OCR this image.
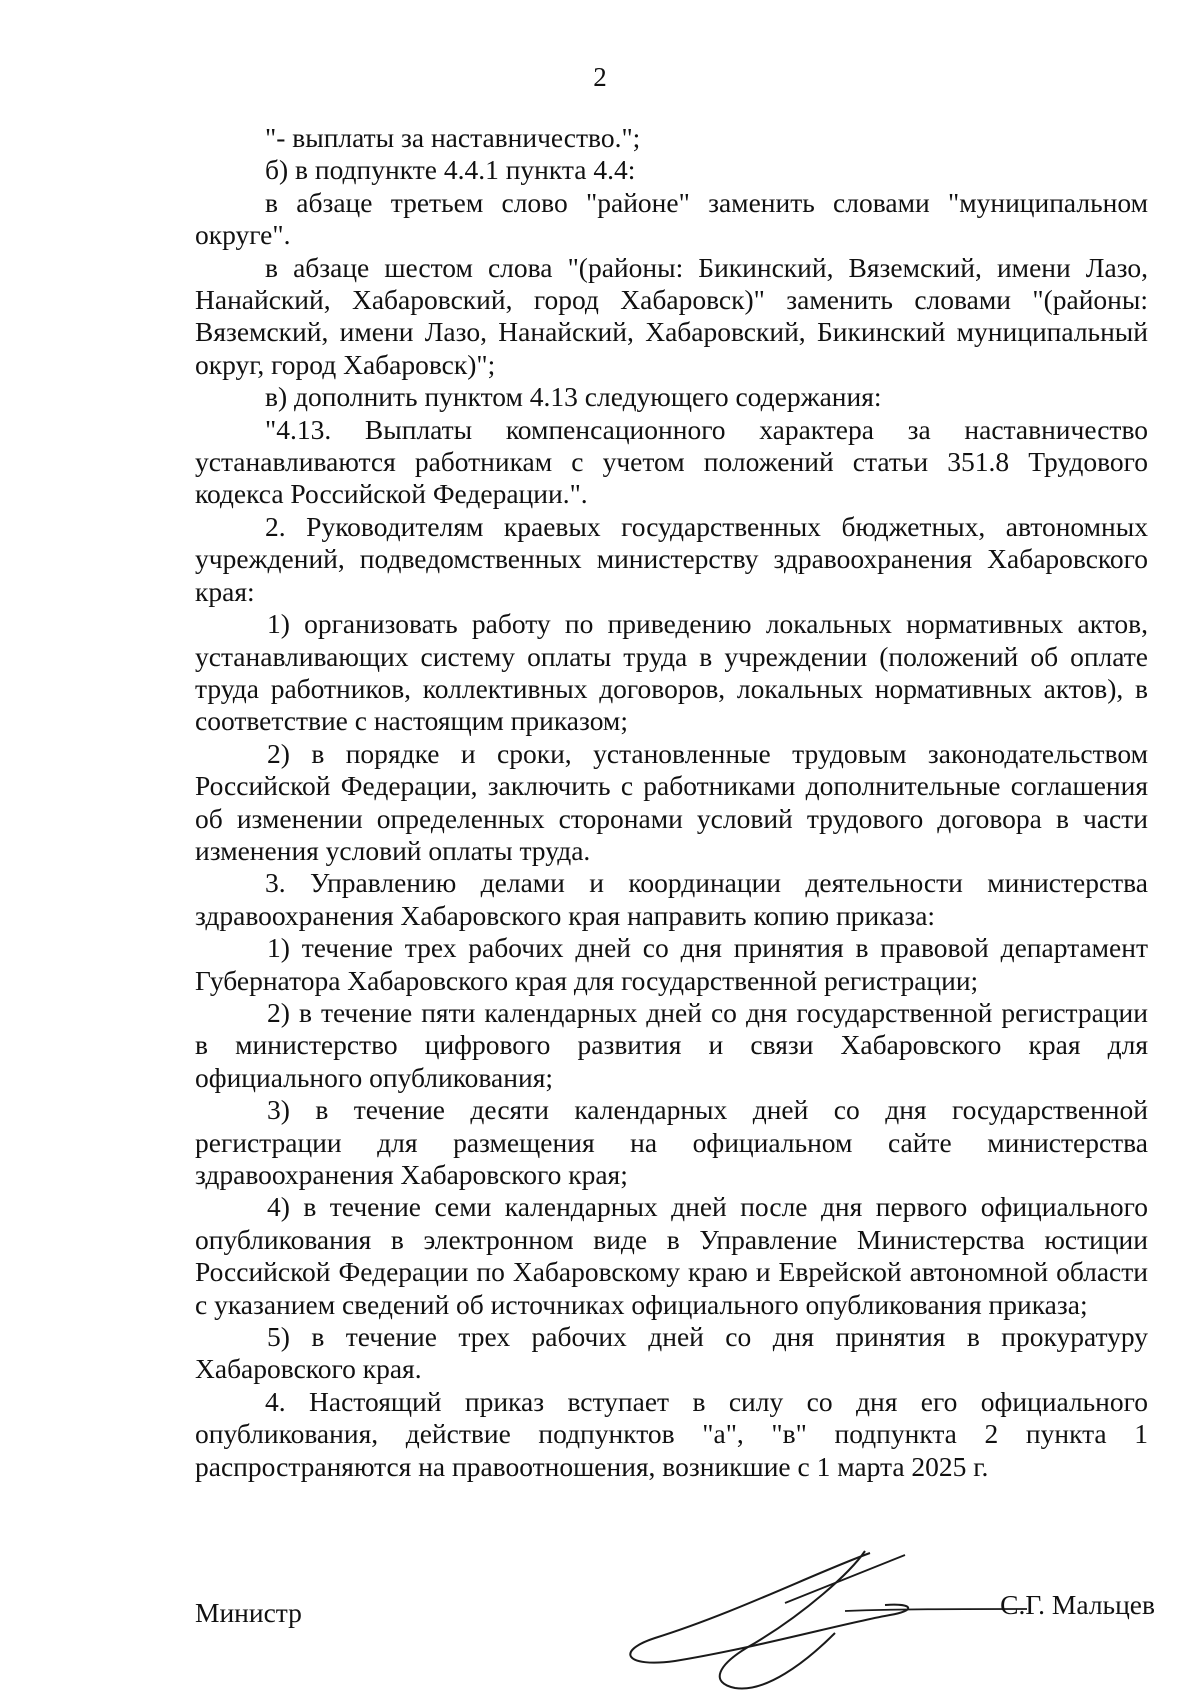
2

"- выплаты за наставничество.";

б) в подпункте 4.4.1 пункта 4.4:

в абзаце третьем слово "районе" заменить словами "муниципальном округе".

в абзаце шестом слова "(районы: Бикинский, Вяземский, имени Лазо, Нанайский, Хабаровский, город Хабаровск)" заменить словами "(районы: Вяземский, имени Лазо, Нанайский, Хабаровский, Бикинский муниципальный округ, город Хабаровск)";

в) дополнить пунктом 4.13 следующего содержания:

"4.13. Выплаты компенсационного характера за наставничество устанавливаются работникам с учетом положений статьи 351.8 Трудового кодекса Российской Федерации.".

2. Руководителям краевых государственных бюджетных, автономных учреждений, подведомственных министерству здравоохранения Хабаровского края:

1) организовать работу по приведению локальных нормативных актов, устанавливающих систему оплаты труда в учреждении (положений об оплате труда работников, коллективных договоров, локальных нормативных актов), в соответствие с настоящим приказом;

2) в порядке и сроки, установленные трудовым законодательством Российской Федерации, заключить с работниками дополнительные соглашения об изменении определенных сторонами условий трудового договора в части изменения условий оплаты труда.

3. Управлению делами и координации деятельности министерства здравоохранения Хабаровского края направить копию приказа:

1) течение трех рабочих дней со дня принятия в правовой департамент Губернатора Хабаровского края для государственной регистрации;

2) в течение пяти календарных дней со дня государственной регистрации в министерство цифрового развития и связи Хабаровского края для официального опубликования;

3) в течение десяти календарных дней со дня государственной регистрации для размещения на официальном сайте министерства здравоохранения Хабаровского края;

4) в течение семи календарных дней после дня первого официального опубликования в электронном виде в Управление Министерства юстиции Российской Федерации по Хабаровскому краю и Еврейской автономной области с указанием сведений об источниках официального опубликования приказа;

5) в течение трех рабочих дней со дня принятия в прокуратуру Хабаровского края.

4. Настоящий приказ вступает в силу со дня его официального опубликования, действие подпунктов "а", "в" подпункта 2 пункта 1 распространяются на правоотношения, возникшие с 1 марта 2025 г.

Министр	С.Г. Мальцев
